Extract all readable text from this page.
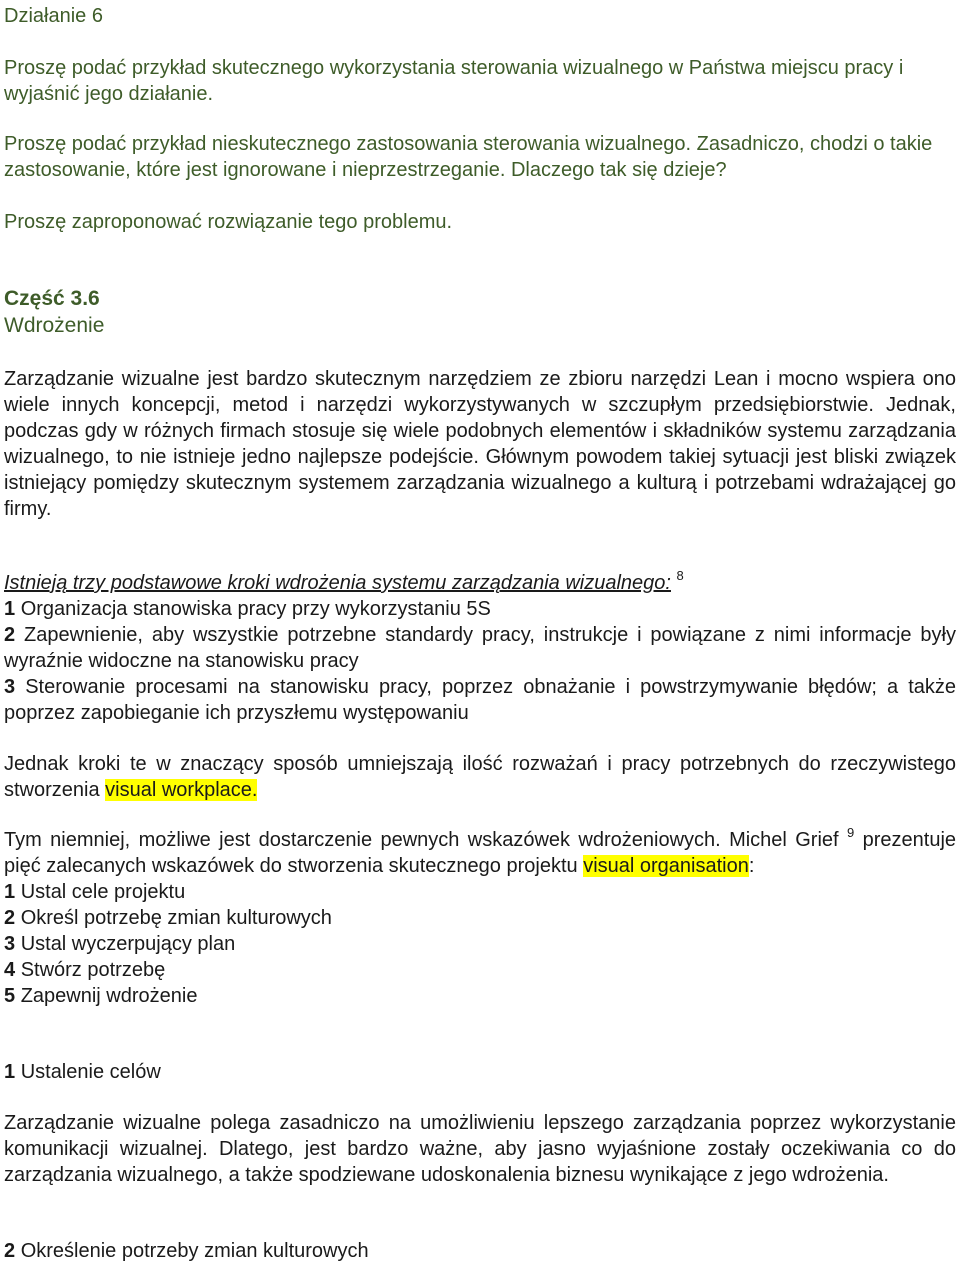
Działanie 6

Proszę podać przykład skutecznego wykorzystania sterowania wizualnego w Państwa miejscu pracy i wyjaśnić jego działanie.

Proszę podać przykład nieskutecznego zastosowania sterowania wizualnego. Zasadniczo, chodzi o takie zastosowanie, które jest ignorowane i nieprzestrzeganie. Dlaczego tak się dzieje?

Proszę zaproponować rozwiązanie tego problemu.

Część 3.6
Wdrożenie

Zarządzanie wizualne jest bardzo skutecznym narzędziem ze zbioru narzędzi Lean i mocno wspiera ono wiele innych koncepcji, metod i narzędzi wykorzystywanych w szczupłym przedsiębiorstwie. Jednak, podczas gdy w różnych firmach stosuje się wiele podobnych elementów i składników systemu zarządzania wizualnego, to nie istnieje jedno najlepsze podejście. Głównym powodem takiej sytuacji jest bliski związek istniejący pomiędzy skutecznym systemem zarządzania wizualnego a kulturą i potrzebami wdrażającej go firmy.

Istnieją trzy podstawowe kroki wdrożenia systemu zarządzania wizualnego: $^8$
1 Organizacja stanowiska pracy przy wykorzystaniu 5S
2 Zapewnienie, aby wszystkie potrzebne standardy pracy, instrukcje i powiązane z nimi informacje były wyraźnie widoczne na stanowisku pracy
3 Sterowanie procesami na stanowisku pracy, poprzez obnażanie i powstrzymywanie błędów; a także poprzez zapobieganie ich przyszłemu występowaniu

Jednak kroki te w znaczący sposób umniejszają ilość rozważań i pracy potrzebnych do rzeczywistego stworzenia visual workplace.

Tym niemniej, możliwe jest dostarczenie pewnych wskazówek wdrożeniowych. Michel Grief $^9$ prezentuje pięć zalecanych wskazówek do stworzenia skutecznego projektu visual organisation:
1 Ustal cele projektu
2 Określ potrzebę zmian kulturowych
3 Ustal wyczerpujący plan
4 Stwórz potrzebę
5 Zapewnij wdrożenie

1 Ustalenie celów

Zarządzanie wizualne polega zasadniczo na umożliwieniu lepszego zarządzania poprzez wykorzystanie komunikacji wizualnej. Dlatego, jest bardzo ważne, aby jasno wyjaśnione zostały oczekiwania co do zarządzania wizualnego, a także spodziewane udoskonalenia biznesu wynikające z jego wdrożenia.

2 Określenie potrzeby zmian kulturowych
